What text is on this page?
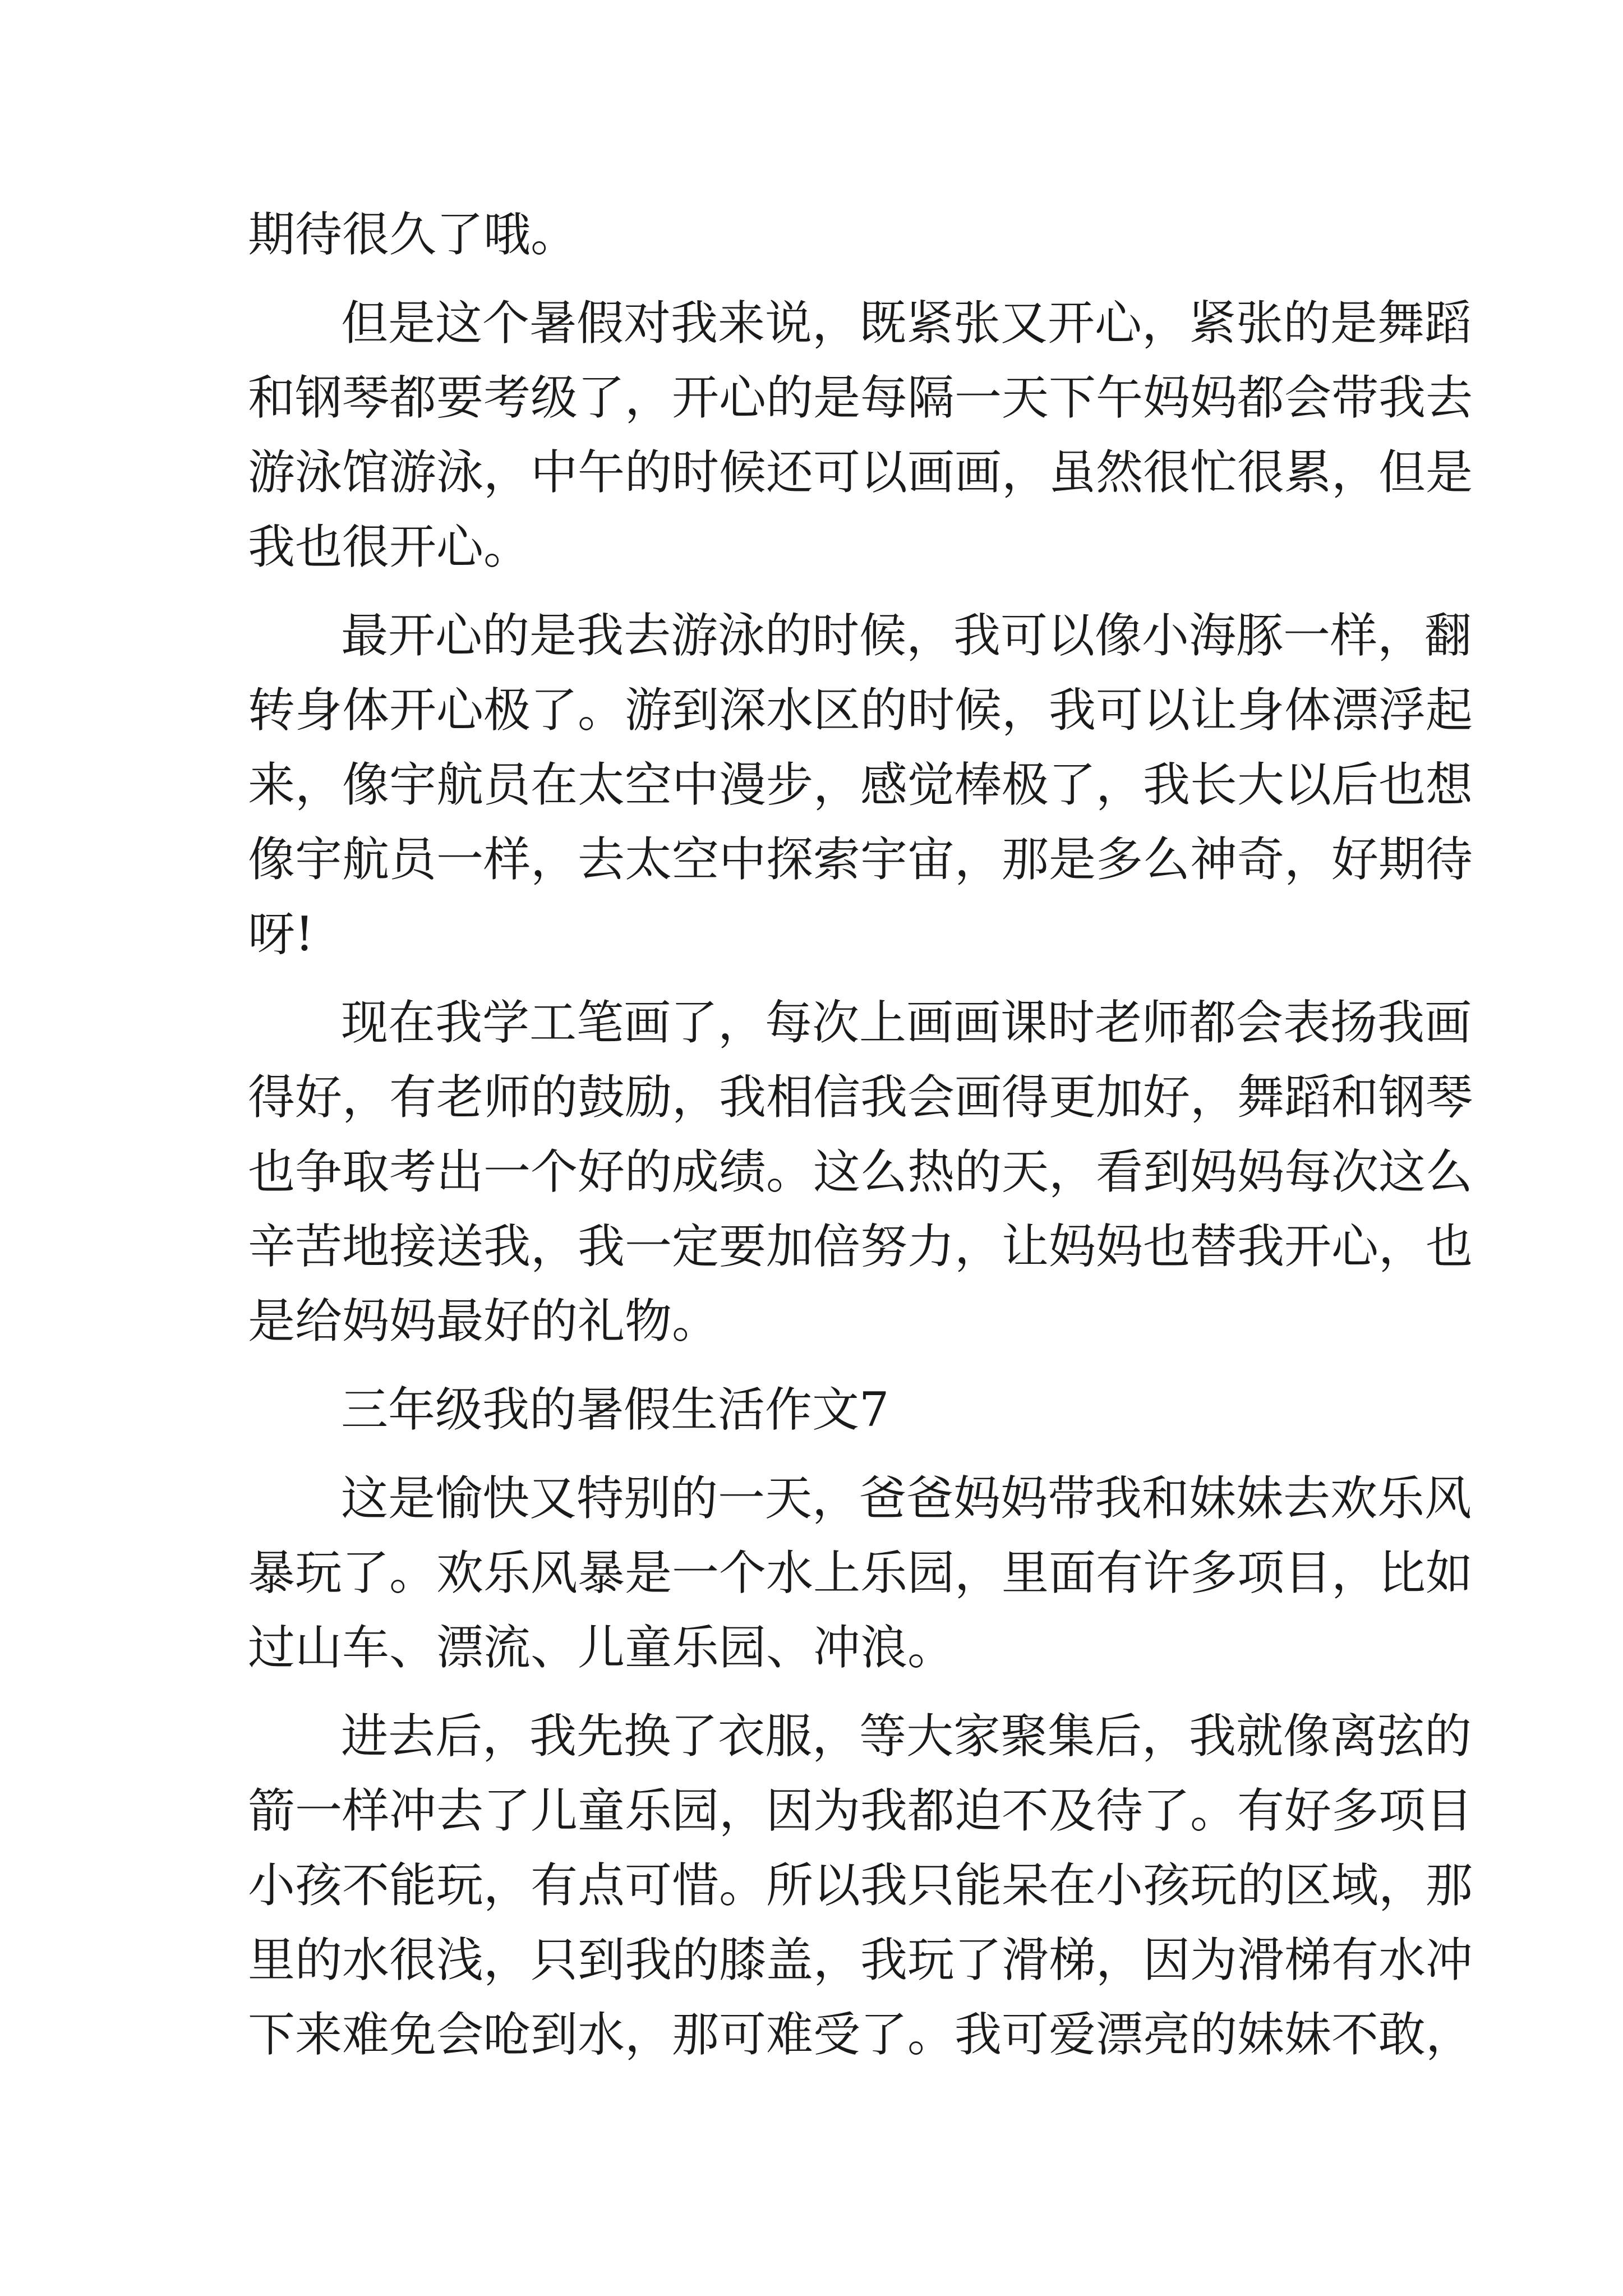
期待很久了哦。
但是这个暑假对我来说，既紧张又开心，紧张的是舞蹈
和钢琴都要考级了，开心的是每隔一天下午妈妈都会带我去
游泳馆游泳，中午的时候还可以画画，虽然很忙很累，但是
我也很开心。
最开心的是我去游泳的时候，我可以像小海豚一样，翻
转身体开心极了。游到深水区的时候，我可以让身体漂浮起
来，像宇航员在太空中漫步，感觉棒极了，我长大以后也想
像宇航员一样，去太空中探索宇宙，那是多么神奇，好期待
呀!
现在我学工笔画了，每次上画画课时老师都会表扬我画
得好，有老师的鼓励，我相信我会画得更加好，舞蹈和钢琴
也争取考出一个好的成绩。这么热的天，看到妈妈每次这么
辛苦地接送我，我一定要加倍努力，让妈妈也替我开心，也
是给妈妈最好的礼物。
三年级我的暑假生活作文7
这是愉快又特别的一天，爸爸妈妈带我和妹妹去欢乐风
暴玩了。欢乐风暴是一个水上乐园，里面有许多项目，比如
过山车、漂流、儿童乐园、冲浪。
进去后，我先换了衣服，等大家聚集后，我就像离弦的
箭一样冲去了儿童乐园，因为我都迫不及待了。有好多项目
小孩不能玩，有点可惜。所以我只能呆在小孩玩的区域，那
里的水很浅，只到我的膝盖，我玩了滑梯，因为滑梯有水冲
下来难免会呛到水，那可难受了。我可爱漂亮的妹妹不敢，
